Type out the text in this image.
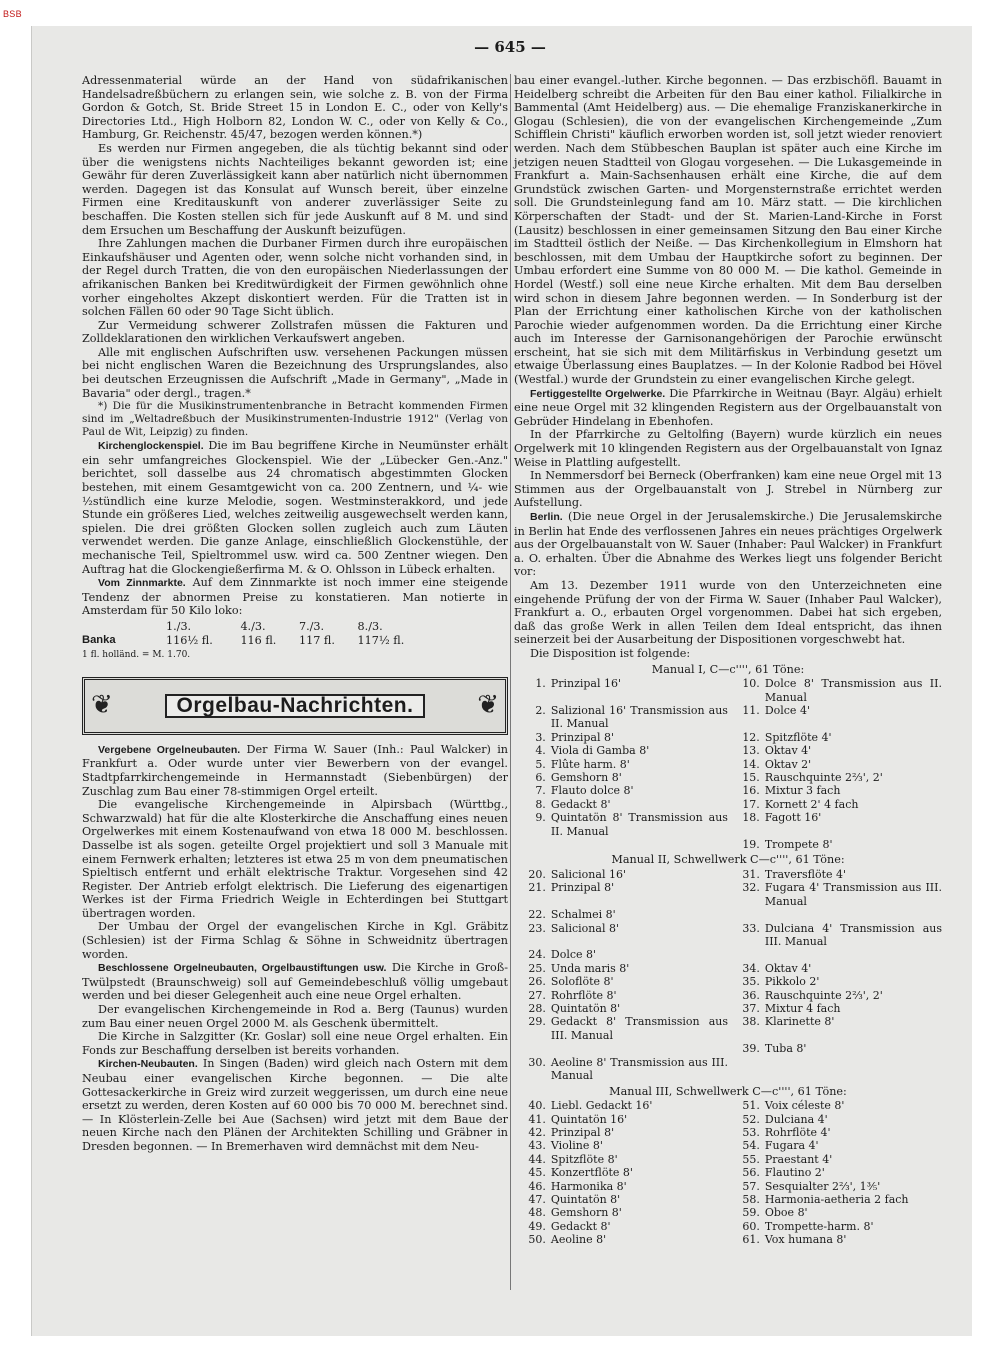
BSB
— 645 —

Adressenmaterial würde an der Hand von südafrikanischen Handelsadreßbüchern zu erlangen sein, wie solche z. B. von der Firma Gordon & Gotch, St. Bride Street 15 in London E. C., oder von Kelly's Directories Ltd., High Holborn 82, London W. C., oder von Kelly & Co., Hamburg, Gr. Reichenstr. 45/47, bezogen werden können.*)

Es werden nur Firmen angegeben, die als tüchtig bekannt sind oder über die wenigstens nichts Nachteiliges bekannt geworden ist; eine Gewähr für deren Zuverlässigkeit kann aber natürlich nicht übernommen werden. Dagegen ist das Konsulat auf Wunsch bereit, über einzelne Firmen eine Kreditauskunft von anderer zuverlässiger Seite zu beschaffen. Die Kosten stellen sich für jede Auskunft auf 8 M. und sind dem Ersuchen um Beschaffung der Auskunft beizufügen.

Ihre Zahlungen machen die Durbaner Firmen durch ihre europäischen Einkaufshäuser und Agenten oder, wenn solche nicht vorhanden sind, in der Regel durch Tratten, die von den europäischen Niederlassungen der afrikanischen Banken bei Kreditwürdigkeit der Firmen gewöhnlich ohne vorher eingeholtes Akzept diskontiert werden. Für die Tratten ist in solchen Fällen 60 oder 90 Tage Sicht üblich.

Zur Vermeidung schwerer Zollstrafen müssen die Fakturen und Zolldeklarationen den wirklichen Verkaufswert angeben.

Alle mit englischen Aufschriften usw. versehenen Packungen müssen bei nicht englischen Waren die Bezeichnung des Ursprungslandes, also bei deutschen Erzeugnissen die Aufschrift „Made in Germany", „Made in Bavaria" oder dergl., tragen.*

*) Die für die Musikinstrumentenbranche in Betracht kommenden Firmen sind im „Weltadreßbuch der Musikinstrumenten-Industrie 1912" (Verlag von Paul de Wit, Leipzig) zu finden.

Kirchenglockenspiel. Die im Bau begriffene Kirche in Neumünster erhält ein sehr umfangreiches Glockenspiel. Wie der „Lübecker Gen.-Anz." berichtet, soll dasselbe aus 24 chromatisch abgestimmten Glocken bestehen, mit einem Gesamtgewicht von ca. 200 Zentnern, und ¼- wie ½stündlich eine kurze Melodie, sogen. Westminsterakkord, und jede Stunde ein größeres Lied, welches zeitweilig ausgewechselt werden kann, spielen. Die drei größten Glocken sollen zugleich auch zum Läuten verwendet werden. Die ganze Anlage, einschließlich Glockenstühle, der mechanische Teil, Spieltrommel usw. wird ca. 500 Zentner wiegen. Den Auftrag hat die Glockengießerfirma M. & O. Ohlsson in Lübeck erhalten.

Vom Zinnmarkte. Auf dem Zinnmarkte ist noch immer eine steigende Tendenz der abnormen Preise zu konstatieren. Man notierte in Amsterdam für 50 Kilo loko:

	1./3.	4./3.	7./3.	8./3.
Banka	116½ fl.	116 fl.	117 fl.	117½ fl.

1 fl. holländ. = M. 1.70.

❦	Orgelbau-Nachrichten.	❦

Vergebene Orgelneubauten. Der Firma W. Sauer (Inh.: Paul Walcker) in Frankfurt a. Oder wurde unter vier Bewerbern von der evangel. Stadtpfarrkirchengemeinde in Hermannstadt (Siebenbürgen) der Zuschlag zum Bau einer 78-stimmigen Orgel erteilt.

Die evangelische Kirchengemeinde in Alpirsbach (Württbg., Schwarzwald) hat für die alte Klosterkirche die Anschaffung eines neuen Orgelwerkes mit einem Kostenaufwand von etwa 18 000 M. beschlossen. Dasselbe ist als sogen. geteilte Orgel projektiert und soll 3 Manuale mit einem Fernwerk erhalten; letzteres ist etwa 25 m von dem pneumatischen Spieltisch entfernt und erhält elektrische Traktur. Vorgesehen sind 42 Register. Der Antrieb erfolgt elektrisch. Die Lieferung des eigenartigen Werkes ist der Firma Friedrich Weigle in Echterdingen bei Stuttgart übertragen worden.

Der Umbau der Orgel der evangelischen Kirche in Kgl. Gräbitz (Schlesien) ist der Firma Schlag & Söhne in Schweidnitz übertragen worden.

Beschlossene Orgelneubauten, Orgelbaustiftungen usw. Die Kirche in Groß-Twülpstedt (Braunschweig) soll auf Gemeindebeschluß völlig umgebaut werden und bei dieser Gelegenheit auch eine neue Orgel erhalten.

Der evangelischen Kirchengemeinde in Rod a. Berg (Taunus) wurden zum Bau einer neuen Orgel 2000 M. als Geschenk übermittelt.

Die Kirche in Salzgitter (Kr. Goslar) soll eine neue Orgel erhalten. Ein Fonds zur Beschaffung derselben ist bereits vorhanden.

Kirchen-Neubauten. In Singen (Baden) wird gleich nach Ostern mit dem Neubau einer evangelischen Kirche begonnen. — Die alte Gottesackerkirche in Greiz wird zurzeit weggerissen, um durch eine neue ersetzt zu werden, deren Kosten auf 60 000 bis 70 000 M. berechnet sind. — In Klösterlein-Zelle bei Aue (Sachsen) wird jetzt mit dem Baue der neuen Kirche nach den Plänen der Architekten Schilling und Gräbner in Dresden begonnen. — In Bremerhaven wird demnächst mit dem Neu-

bau einer evangel.-luther. Kirche begonnen. — Das erzbischöfl. Bauamt in Heidelberg schreibt die Arbeiten für den Bau einer kathol. Filialkirche in Bammental (Amt Heidelberg) aus. — Die ehemalige Franziskanerkirche in Glogau (Schlesien), die von der evangelischen Kirchengemeinde „Zum Schifflein Christi" käuflich erworben worden ist, soll jetzt wieder renoviert werden. Nach dem Stübbeschen Bauplan ist später auch eine Kirche im jetzigen neuen Stadtteil von Glogau vorgesehen. — Die Lukasgemeinde in Frankfurt a. Main-Sachsenhausen erhält eine Kirche, die auf dem Grundstück zwischen Garten- und Morgensternstraße errichtet werden soll. Die Grundsteinlegung fand am 10. März statt. — Die kirchlichen Körperschaften der Stadt- und der St. Marien-Land-Kirche in Forst (Lausitz) beschlossen in einer gemeinsamen Sitzung den Bau einer Kirche im Stadtteil östlich der Neiße. — Das Kirchenkollegium in Elmshorn hat beschlossen, mit dem Umbau der Hauptkirche sofort zu beginnen. Der Umbau erfordert eine Summe von 80 000 M. — Die kathol. Gemeinde in Hordel (Westf.) soll eine neue Kirche erhalten. Mit dem Bau derselben wird schon in diesem Jahre begonnen werden. — In Sonderburg ist der Plan der Errichtung einer katholischen Kirche von der katholischen Parochie wieder aufgenommen worden. Da die Errichtung einer Kirche auch im Interesse der Garnisonangehörigen der Parochie erwünscht erscheint, hat sie sich mit dem Militärfiskus in Verbindung gesetzt um etwaige Überlassung eines Bauplatzes. — In der Kolonie Radbod bei Hövel (Westfal.) wurde der Grundstein zu einer evangelischen Kirche gelegt.

Fertiggestellte Orgelwerke. Die Pfarrkirche in Weitnau (Bayr. Algäu) erhielt eine neue Orgel mit 32 klingenden Registern aus der Orgelbauanstalt von Gebrüder Hindelang in Ebenhofen.

In der Pfarrkirche zu Geltolfing (Bayern) wurde kürzlich ein neues Orgelwerk mit 10 klingenden Registern aus der Orgelbauanstalt von Ignaz Weise in Plattling aufgestellt.

In Nemmersdorf bei Berneck (Oberfranken) kam eine neue Orgel mit 13 Stimmen aus der Orgelbauanstalt von J. Strebel in Nürnberg zur Aufstellung.

Berlin. (Die neue Orgel in der Jerusalemskirche.) Die Jerusalemskirche in Berlin hat Ende des verflossenen Jahres ein neues prächtiges Orgelwerk aus der Orgelbauanstalt von W. Sauer (Inhaber: Paul Walcker) in Frankfurt a. O. erhalten. Über die Abnahme des Werkes liegt uns folgender Bericht vor:

Am 13. Dezember 1911 wurde von den Unterzeichneten eine eingehende Prüfung der von der Firma W. Sauer (Inhaber Paul Walcker), Frankfurt a. O., erbauten Orgel vorgenommen. Dabei hat sich ergeben, daß das große Werk in allen Teilen dem Ideal entspricht, das ihnen seinerzeit bei der Ausarbeitung der Dispositionen vorgeschwebt hat.

Die Disposition ist folgende:

Manual I, C—c'''', 61 Töne:
1.	Prinzipal 16'	10.	Dolce 8' Transmission aus II. Manual
2.	Salizional 16' Transmission aus II. Manual	11.	Dolce 4'
3.	Prinzipal 8'	12.	Spitzflöte 4'
4.	Viola di Gamba 8'	13.	Oktav 4'
5.	Flûte harm. 8'	14.	Oktav 2'
6.	Gemshorn 8'	15.	Rauschquinte 2⅔', 2'
7.	Flauto dolce 8'	16.	Mixtur 3 fach
8.	Gedackt 8'	17.	Kornett 2' 4 fach
9.	Quintatön 8' Transmission aus II. Manual	18.	Fagott 16'
		19.	Trompete 8'
Manual II, Schwellwerk C—c'''', 61 Töne:
20.	Salicional 16'	31.	Traversflöte 4'
21.	Prinzipal 8'	32.	Fugara 4' Transmission aus III. Manual
22.	Schalmei 8'		
23.	Salicional 8'	33.	Dulciana 4' Transmission aus III. Manual
24.	Dolce 8'		
25.	Unda maris 8'	34.	Oktav 4'
26.	Soloflöte 8'	35.	Pikkolo 2'
27.	Rohrflöte 8'	36.	Rauschquinte 2⅔', 2'
28.	Quintatön 8'	37.	Mixtur 4 fach
29.	Gedackt 8' Transmission aus III. Manual	38.	Klarinette 8'
		39.	Tuba 8'
30.	Aeoline 8' Transmission aus III. Manual		
Manual III, Schwellwerk C—c'''', 61 Töne:
40.	Liebl. Gedackt 16'	51.	Voix céleste 8'
41.	Quintatön 16'	52.	Dulciana 4'
42.	Prinzipal 8'	53.	Rohrflöte 4'
43.	Violine 8'	54.	Fugara 4'
44.	Spitzflöte 8'	55.	Praestant 4'
45.	Konzertflöte 8'	56.	Flautino 2'
46.	Harmonika 8'	57.	Sesquialter 2⅔', 1⅗'
47.	Quintatön 8'	58.	Harmonia-aetheria 2 fach
48.	Gemshorn 8'	59.	Oboe 8'
49.	Gedackt 8'	60.	Trompette-harm. 8'
50.	Aeoline 8'	61.	Vox humana 8'
